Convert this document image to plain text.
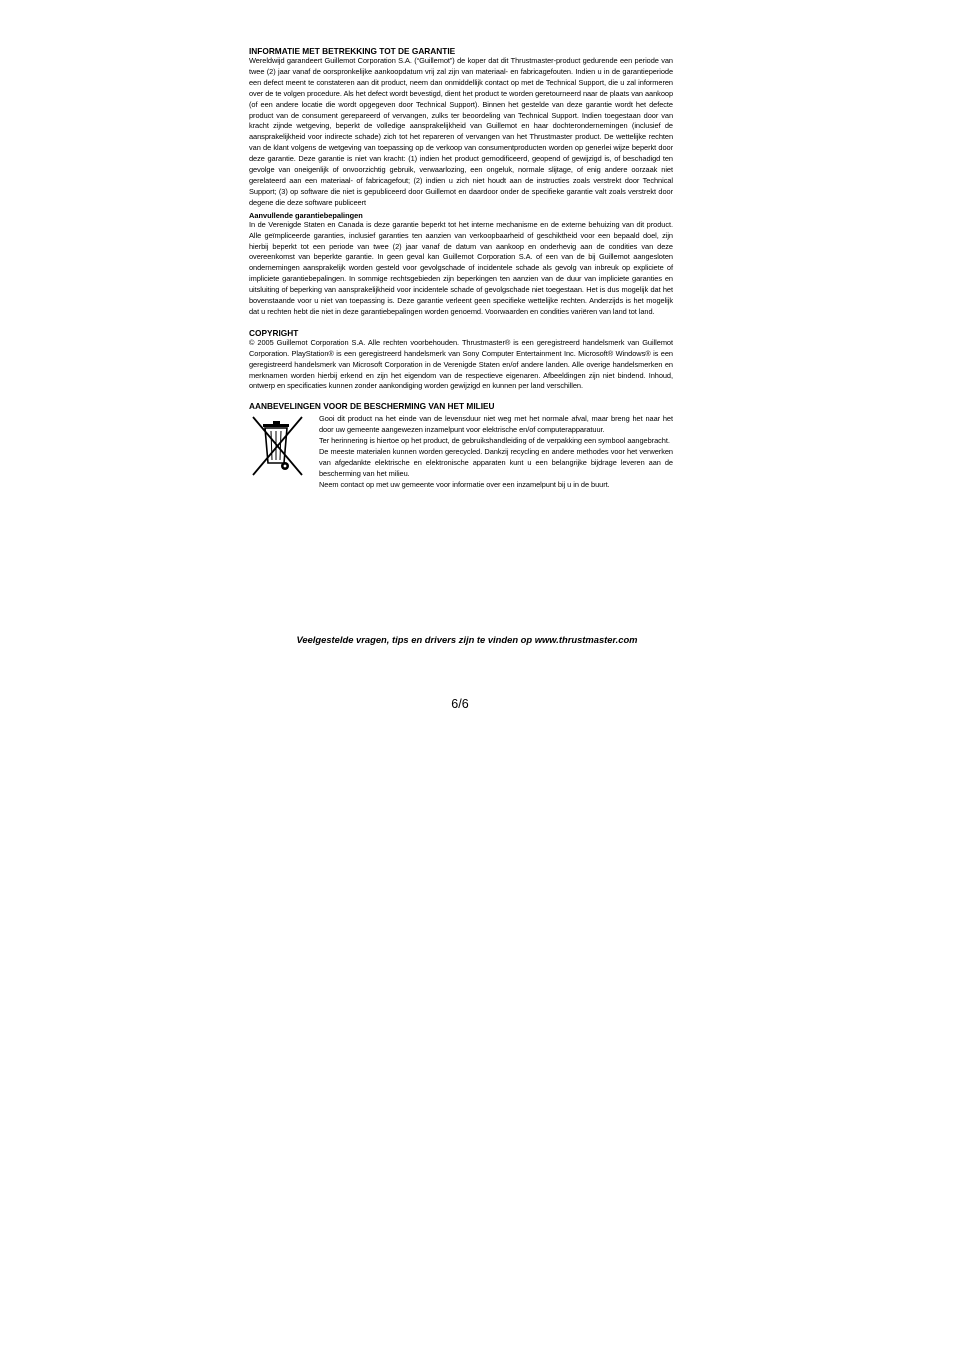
INFORMATIE MET BETREKKING TOT DE GARANTIE

Wereldwijd garandeert Guillemot Corporation S.A. (“Guillemot”) de koper dat dit Thrustmaster-product gedurende een periode van twee (2) jaar vanaf de oorspronkelijke aankoopdatum vrij zal zijn van materiaal- en fabricagefouten. Indien u in de garantieperiode een defect meent te constateren aan dit product, neem dan onmiddellijk contact op met de Technical Support, die u zal informeren over de te volgen procedure. Als het defect wordt bevestigd, dient het product te worden geretourneerd naar de plaats van aankoop (of een andere locatie die wordt opgegeven door Technical Support). Binnen het gestelde van deze garantie wordt het defecte product van de consument gerepareerd of vervangen, zulks ter beoordeling van Technical Support. Indien toegestaan door van kracht zijnde wetgeving, beperkt de volledige aansprakelijkheid van Guillemot en haar dochterondernemingen (inclusief de aansprakelijkheid voor indirecte schade) zich tot het repareren of vervangen van het Thrustmaster product. De wettelijke rechten van de klant volgens de wetgeving van toepassing op de verkoop van consumentproducten worden op generlei wijze beperkt door deze garantie. Deze garantie is niet van kracht: (1) indien het product gemodificeerd, geopend of gewijzigd is, of beschadigd ten gevolge van oneigenlijk of onvoorzichtig gebruik, verwaarlozing, een ongeluk, normale slijtage, of enig andere oorzaak niet gerelateerd aan een materiaal- of fabricagefout; (2) indien u zich niet houdt aan de instructies zoals verstrekt door Technical Support; (3) op software die niet is gepubliceerd door Guillemot en daardoor onder de specifieke garantie valt zoals verstrekt door degene die deze software publiceert

Aanvullende garantiebepalingen

In de Verenigde Staten en Canada is deze garantie beperkt tot het interne mechanisme en de externe behuizing van dit product. Alle geïmpliceerde garanties, inclusief garanties ten aanzien van verkoopbaarheid of geschiktheid voor een bepaald doel, zijn hierbij beperkt tot een periode van twee (2) jaar vanaf de datum van aankoop en onderhevig aan de condities van deze overeenkomst van beperkte garantie. In geen geval kan Guillemot Corporation S.A. of een van de bij Guillemot aangesloten ondernemingen aansprakelijk worden gesteld voor gevolgschade of incidentele schade als gevolg van inbreuk op expliciete of impliciete garantiebepalingen. In sommige rechtsgebieden zijn beperkingen ten aanzien van de duur van impliciete garanties en uitsluiting of beperking van aansprakelijkheid voor incidentele schade of gevolgschade niet toegestaan. Het is dus mogelijk dat het bovenstaande voor u niet van toepassing is. Deze garantie verleent geen specifieke wettelijke rechten. Anderzijds is het mogelijk dat u rechten hebt die niet in deze garantiebepalingen worden genoemd. Voorwaarden en condities variëren van land tot land.

COPYRIGHT

© 2005 Guillemot Corporation S.A. Alle rechten voorbehouden. Thrustmaster® is een geregistreerd handelsmerk van Guillemot Corporation. PlayStation® is een geregistreerd handelsmerk van Sony Computer Entertainment Inc. Microsoft® Windows® is een geregistreerd handelsmerk van Microsoft Corporation in de Verenigde Staten en/of andere landen. Alle overige handelsmerken en merknamen worden hierbij erkend en zijn het eigendom van de respectieve eigenaren. Afbeeldingen zijn niet bindend. Inhoud, ontwerp en specificaties kunnen zonder aankondiging worden gewijzigd en kunnen per land verschillen.

AANBEVELINGEN VOOR DE BESCHERMING VAN HET MILIEU

Gooi dit product na het einde van de levensduur niet weg met het normale afval, maar breng het naar het door uw gemeente aangewezen inzamelpunt voor elektrische en/of computerapparatuur.

Ter herinnering is hiertoe op het product, de gebruikshandleiding of de verpakking een symbool aangebracht.

De meeste materialen kunnen worden gerecycled. Dankzij recycling en andere methodes voor het verwerken van afgedankte elektrische en elektronische apparaten kunt u een belangrijke bijdrage leveren aan de bescherming van het milieu.

Neem contact op met uw gemeente voor informatie over een inzamelpunt bij u in de buurt.

Veelgestelde vragen, tips en drivers zijn te vinden op www.thrustmaster.com
6/6
